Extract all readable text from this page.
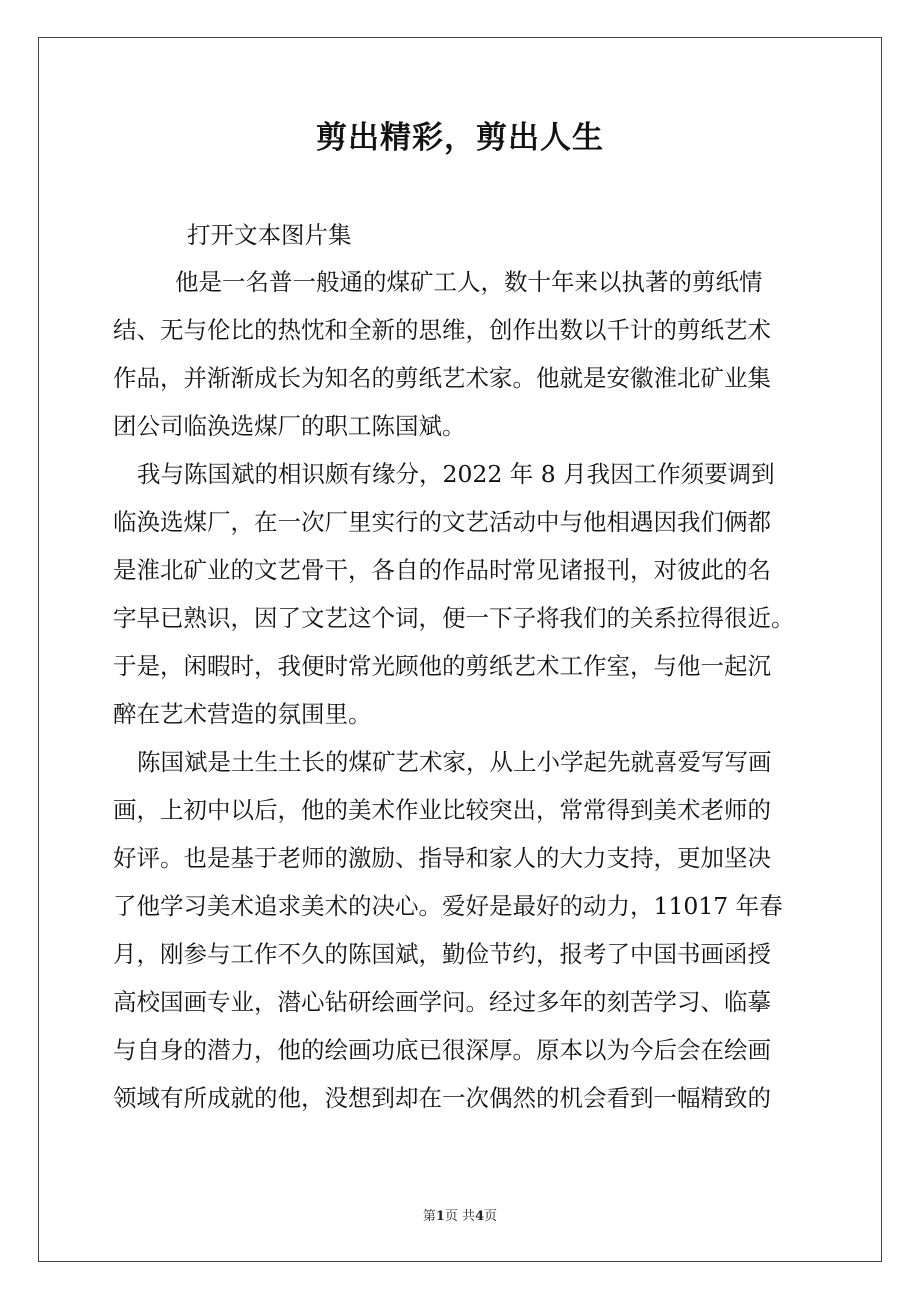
剪出精彩，剪出人生

打开文本图片集

他是一名普一般通的煤矿工人，数十年来以执著的剪纸情

结、无与伦比的热忱和全新的思维，创作出数以千计的剪纸艺术

作品，并渐渐成长为知名的剪纸艺术家。他就是安徽淮北矿业集

团公司临涣选煤厂的职工陈国斌。

我与陈国斌的相识颇有缘分，2022 年 8 月我因工作须要调到

临涣选煤厂，在一次厂里实行的文艺活动中与他相遇因我们俩都

是淮北矿业的文艺骨干，各自的作品时常见诸报刊，对彼此的名

字早已熟识，因了文艺这个词，便一下子将我们的关系拉得很近。

于是，闲暇时，我便时常光顾他的剪纸艺术工作室，与他一起沉

醉在艺术营造的氛围里。

陈国斌是土生土长的煤矿艺术家，从上小学起先就喜爱写写画

画，上初中以后，他的美术作业比较突出，常常得到美术老师的

好评。也是基于老师的激励、指导和家人的大力支持，更加坚决

了他学习美术追求美术的决心。爱好是最好的动力，11017 年春

月，刚参与工作不久的陈国斌，勤俭节约，报考了中国书画函授

高校国画专业，潜心钻研绘画学问。经过多年的刻苦学习、临摹

与自身的潜力，他的绘画功底已很深厚。原本以为今后会在绘画

领域有所成就的他，没想到却在一次偶然的机会看到一幅精致的

第1页 共4页
